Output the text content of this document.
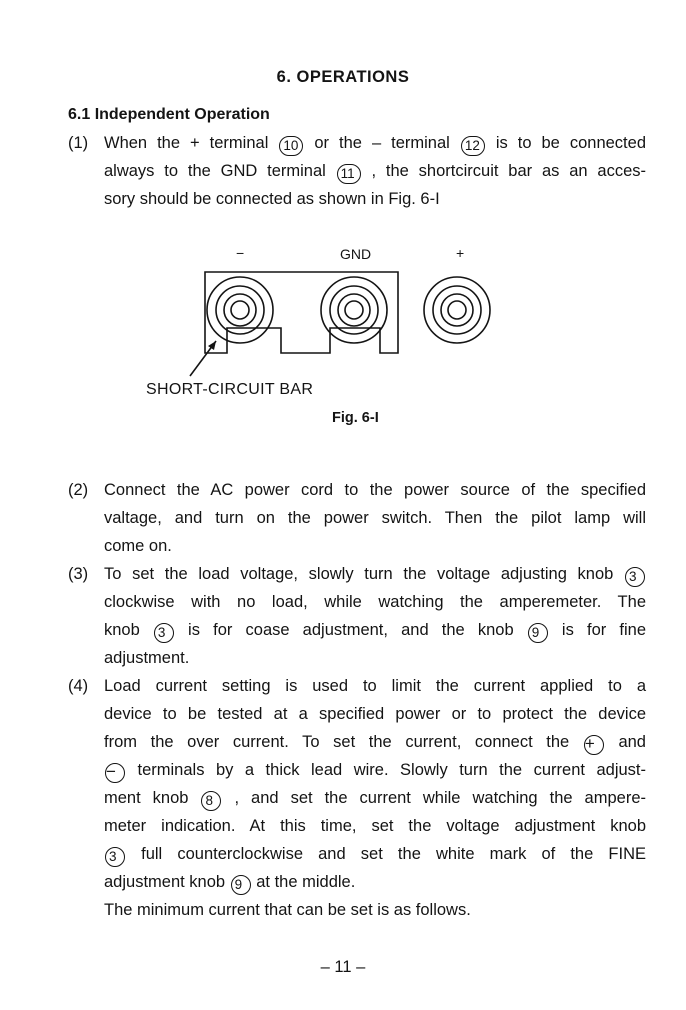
6. OPERATIONS
6.1 Independent Operation
(1) When the + terminal 10 or the – terminal 12 is to be connected
always to the GND terminal 11 , the shortcircuit bar as an acces-
sory should be connected as shown in Fig. 6-I
−	GND	+
SHORT-CIRCUIT BAR
Fig. 6-I
(2) Connect the AC power cord to the power source of the specified
valtage, and turn on the power switch. Then the pilot lamp will
come on.
(3) To set the load voltage, slowly turn the voltage adjusting knob 3
clockwise with no load, while watching the amperemeter. The
knob 3 is for coase adjustment, and the knob 9 is for fine
adjustment.
(4) Load current setting is used to limit the current applied to a
device to be tested at a specified power or to protect the device
from the over current. To set the current, connect the + and
− terminals by a thick lead wire. Slowly turn the current adjust-
ment knob 8 , and set the current while watching the ampere-
meter indication. At this time, set the voltage adjustment knob
3 full counterclockwise and set the white mark of the FINE
adjustment knob 9 at the middle.
The minimum current that can be set is as follows.
– 11 –
